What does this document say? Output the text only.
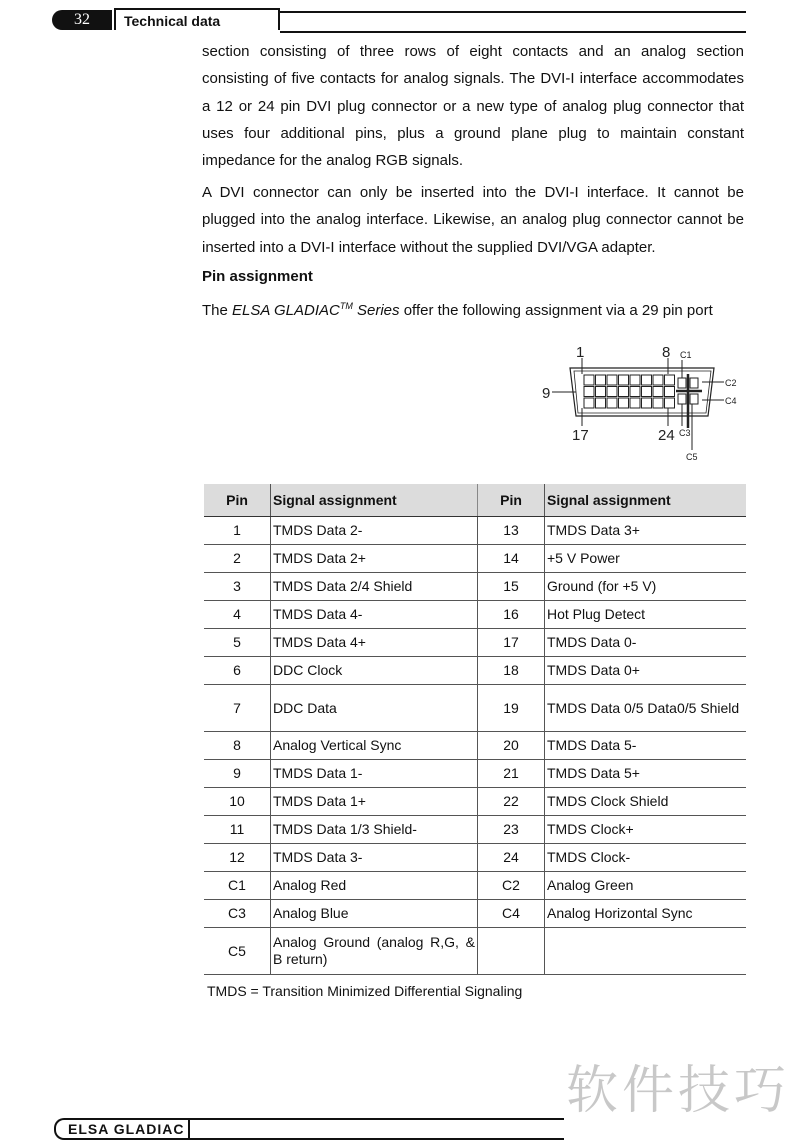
32	Technical data
section consisting of three rows of eight contacts and an analog section consisting of five contacts for analog signals. The DVI-I interface accommodates a 12 or 24 pin DVI plug connector or a new type of analog plug connector that uses four additional pins, plus a ground plane plug to maintain constant impedance for the analog RGB signals.
A DVI connector can only be inserted into the DVI-I interface. It cannot be plugged into the analog interface. Likewise, an analog plug connector cannot be inserted into a DVI-I interface without the supplied DVI/VGA adapter.
Pin assignment
The ELSA GLADIAC™ Series offer the following assignment via a 29 pin port
1	8 C1
C2
C4
C3
C5
9
17	24
Pin	Signal assignment	Pin	Signal assignment
1	TMDS Data 2-	13	TMDS Data 3+
2	TMDS Data 2+	14	+5 V Power
3	TMDS Data 2/4 Shield	15	Ground (for +5 V)
4	TMDS Data 4-	16	Hot Plug Detect
5	TMDS Data 4+	17	TMDS Data 0-
6	DDC Clock	18	TMDS Data 0+
7	DDC Data	19	TMDS Data 0/5 Data0/5 Shield
8	Analog Vertical Sync	20	TMDS Data 5-
9	TMDS Data 1-	21	TMDS Data 5+
10	TMDS Data 1+	22	TMDS Clock Shield
11	TMDS Data 1/3 Shield-	23	TMDS Clock+
12	TMDS Data 3-	24	TMDS Clock-
C1	Analog Red	C2	Analog Green
C3	Analog Blue	C4	Analog Horizontal Sync
C5	Analog Ground (analog R,G, & B return)		
TMDS = Transition Minimized Differential Signaling
软件技巧
ELSA GLADIAC
